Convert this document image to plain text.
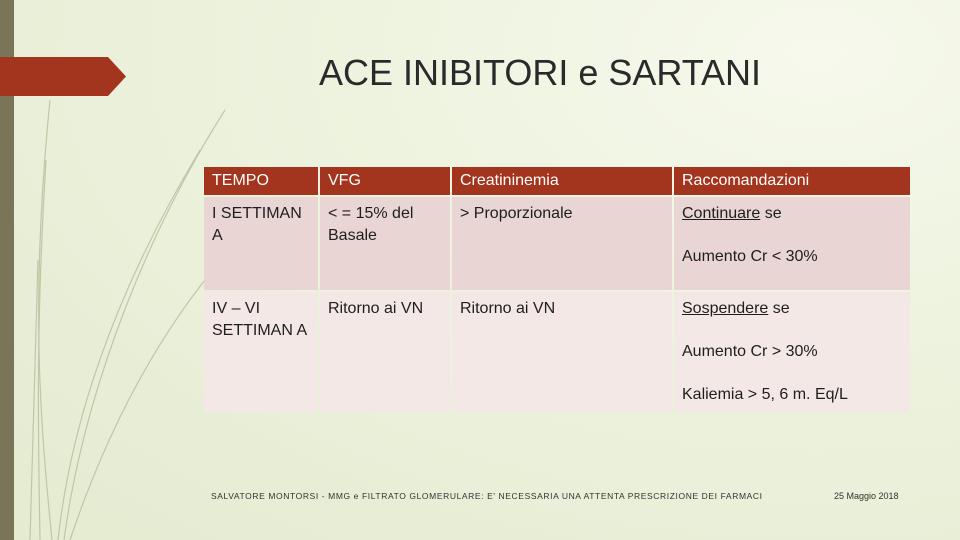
ACE INIBITORI e SARTANI
TEMPO	VFG	Creatininemia	Raccomandazioni
I SETTIMAN A	< = 15% del Basale	> Proporzionale	Continuare se
Aumento Cr < 30%

IV – VI SETTIMAN A	Ritorno ai VN	Ritorno ai VN	Sospendere se
Aumento Cr > 30%
Kaliemia > 5, 6 m. Eq/L
SALVATORE MONTORSI - MMG e FILTRATO GLOMERULARE: E' NECESSARIA UNA ATTENTA PRESCRIZIONE DEI FARMACI	25 Maggio 2018
